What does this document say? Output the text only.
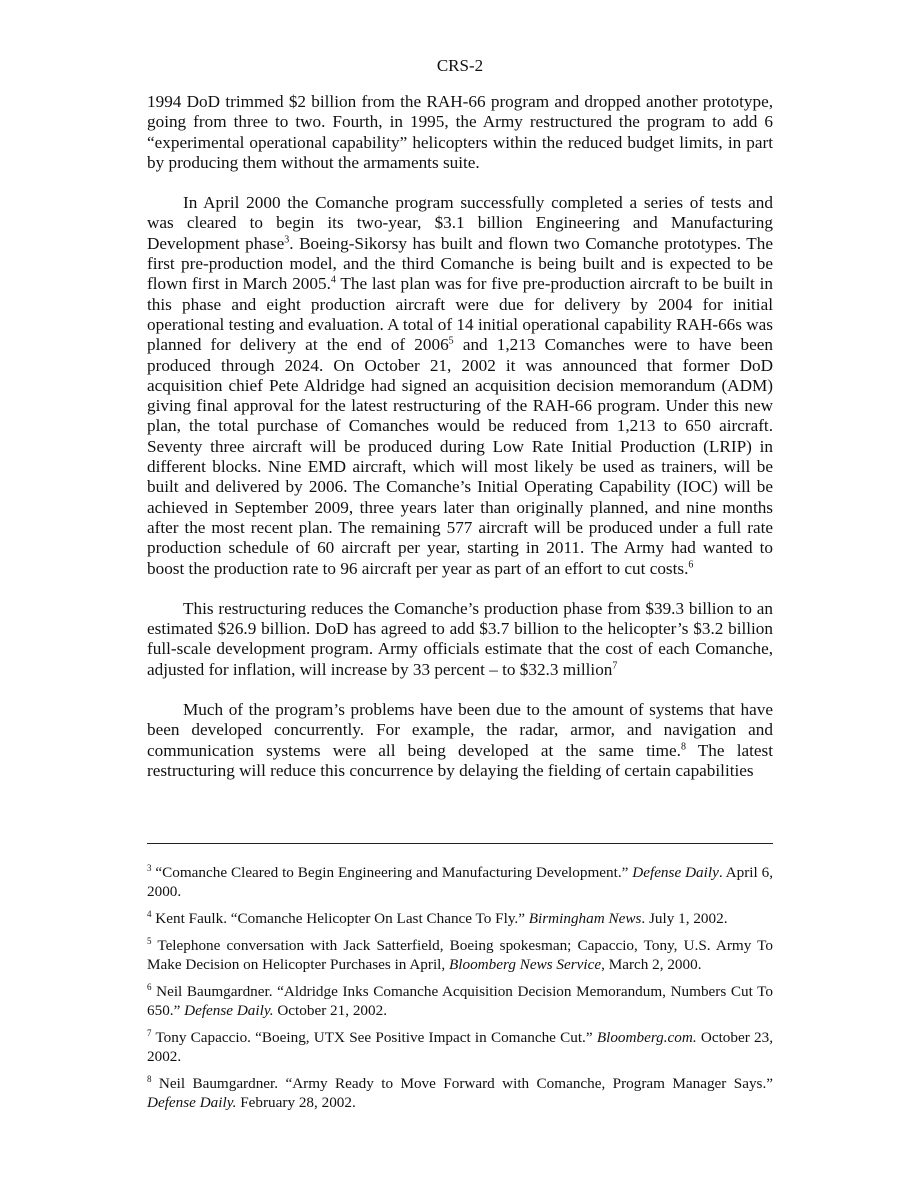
CRS-2

1994 DoD trimmed $2 billion from the RAH-66 program and dropped another prototype, going from three to two. Fourth, in 1995, the Army restructured the program to add 6 “experimental operational capability” helicopters within the reduced budget limits, in part by producing them without the armaments suite.

In April 2000 the Comanche program successfully completed a series of tests and was cleared to begin its two-year, $3.1 billion Engineering and Manufacturing Development phase$^3$. Boeing-Sikorsy has built and flown two Comanche prototypes. The first pre-production model, and the third Comanche is being built and is expected to be flown first in March 2005.$^4$ The last plan was for five pre-production aircraft to be built in this phase and eight production aircraft were due for delivery by 2004 for initial operational testing and evaluation. A total of 14 initial operational capability RAH-66s was planned for delivery at the end of 2006$^5$ and 1,213 Comanches were to have been produced through 2024. On October 21, 2002 it was announced that former DoD acquisition chief Pete Aldridge had signed an acquisition decision memorandum (ADM) giving final approval for the latest restructuring of the RAH-66 program. Under this new plan, the total purchase of Comanches would be reduced from 1,213 to 650 aircraft. Seventy three aircraft will be produced during Low Rate Initial Production (LRIP) in different blocks. Nine EMD aircraft, which will most likely be used as trainers, will be built and delivered by 2006. The Comanche’s Initial Operating Capability (IOC) will be achieved in September 2009, three years later than originally planned, and nine months after the most recent plan. The remaining 577 aircraft will be produced under a full rate production schedule of 60 aircraft per year, starting in 2011. The Army had wanted to boost the production rate to 96 aircraft per year as part of an effort to cut costs.$^6$

This restructuring reduces the Comanche’s production phase from $39.3 billion to an estimated $26.9 billion. DoD has agreed to add $3.7 billion to the helicopter’s $3.2 billion full-scale development program. Army officials estimate that the cost of each Comanche, adjusted for inflation, will increase by 33 percent – to $32.3 million$^7$

Much of the program’s problems have been due to the amount of systems that have been developed concurrently. For example, the radar, armor, and navigation and communication systems were all being developed at the same time.$^8$ The latest restructuring will reduce this concurrence by delaying the fielding of certain capabilities

$^3$ “Comanche Cleared to Begin Engineering and Manufacturing Development.” Defense Daily. April 6, 2000.
$^4$ Kent Faulk. “Comanche Helicopter On Last Chance To Fly.” Birmingham News. July 1, 2002.
$^5$ Telephone conversation with Jack Satterfield, Boeing spokesman; Capaccio, Tony, U.S. Army To Make Decision on Helicopter Purchases in April, Bloomberg News Service, March 2, 2000.
$^6$ Neil Baumgardner. “Aldridge Inks Comanche Acquisition Decision Memorandum, Numbers Cut To 650.” Defense Daily. October 21, 2002.
$^7$ Tony Capaccio. “Boeing, UTX See Positive Impact in Comanche Cut.” Bloomberg.com. October 23, 2002.
$^8$ Neil Baumgardner. “Army Ready to Move Forward with Comanche, Program Manager Says.” Defense Daily. February 28, 2002.
